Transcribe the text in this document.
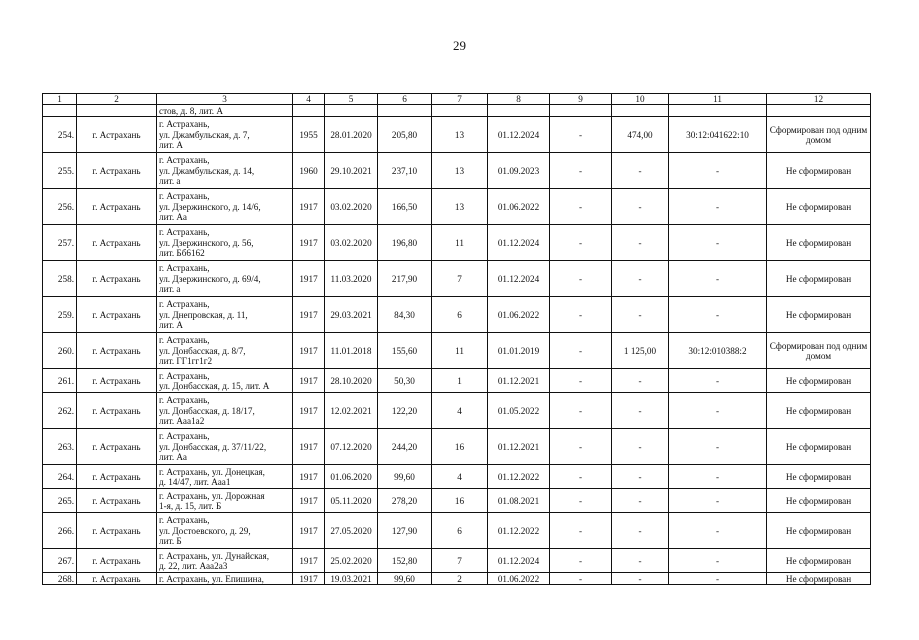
29
1	2	3	4	5	6	7	8	9	10	11	12
		стов, д. 8, лит. А									
254.	г. Астрахань	г. Астрахань,
ул. Джамбульская, д. 7,
лит. А	1955	28.01.2020	205,80	13	01.12.2024	-	474,00	30:12:041622:10	Сформирован под одним домом
255.	г. Астрахань	г. Астрахань,
ул. Джамбульская, д. 14,
лит. а	1960	29.10.2021	237,10	13	01.09.2023	-	-	-	Не сформирован
256.	г. Астрахань	г. Астрахань,
ул. Дзержинского, д. 14/6,
лит. Аа	1917	03.02.2020	166,50	13	01.06.2022	-	-	-	Не сформирован
257.	г. Астрахань	г. Астрахань,
ул. Дзержинского, д. 56,
лит. Бб6162	1917	03.02.2020	196,80	11	01.12.2024	-	-	-	Не сформирован
258.	г. Астрахань	г. Астрахань,
ул. Дзержинского, д. 69/4,
лит. а	1917	11.03.2020	217,90	7	01.12.2024	-	-	-	Не сформирован
259.	г. Астрахань	г. Астрахань,
ул. Днепровская, д. 11,
лит. А	1917	29.03.2021	84,30	6	01.06.2022	-	-	-	Не сформирован
260.	г. Астрахань	г. Астрахань,
ул. Донбасская, д. 8/7,
лит. ГГ1гг1г2	1917	11.01.2018	155,60	11	01.01.2019	-	1 125,00	30:12:010388:2	Сформирован под одним домом
261.	г. Астрахань	г. Астрахань,
ул. Донбасская, д. 15, лит. А	1917	28.10.2020	50,30	1	01.12.2021	-	-	-	Не сформирован
262.	г. Астрахань	г. Астрахань,
ул. Донбасская, д. 18/17,
лит. Ааа1а2	1917	12.02.2021	122,20	4	01.05.2022	-	-	-	Не сформирован
263.	г. Астрахань	г. Астрахань,
ул. Донбасская, д. 37/11/22,
лит. Аа	1917	07.12.2020	244,20	16	01.12.2021	-	-	-	Не сформирован
264.	г. Астрахань	г. Астрахань, ул. Донецкая,
д. 14/47, лит. Ааа1	1917	01.06.2020	99,60	4	01.12.2022	-	-	-	Не сформирован
265.	г. Астрахань	г. Астрахань, ул. Дорожная
1-я, д. 15, лит. Б	1917	05.11.2020	278,20	16	01.08.2021	-	-	-	Не сформирован
266.	г. Астрахань	г. Астрахань,
ул. Достоевского, д. 29,
лит. Б	1917	27.05.2020	127,90	6	01.12.2022	-	-	-	Не сформирован
267.	г. Астрахань	г. Астрахань, ул. Дунайская,
д. 22, лит. Ааа2а3	1917	25.02.2020	152,80	7	01.12.2024	-	-	-	Не сформирован
268.	г. Астрахань	г. Астрахань, ул. Епишина,	1917	19.03.2021	99,60	2	01.06.2022	-	-	-	Не сформирован
